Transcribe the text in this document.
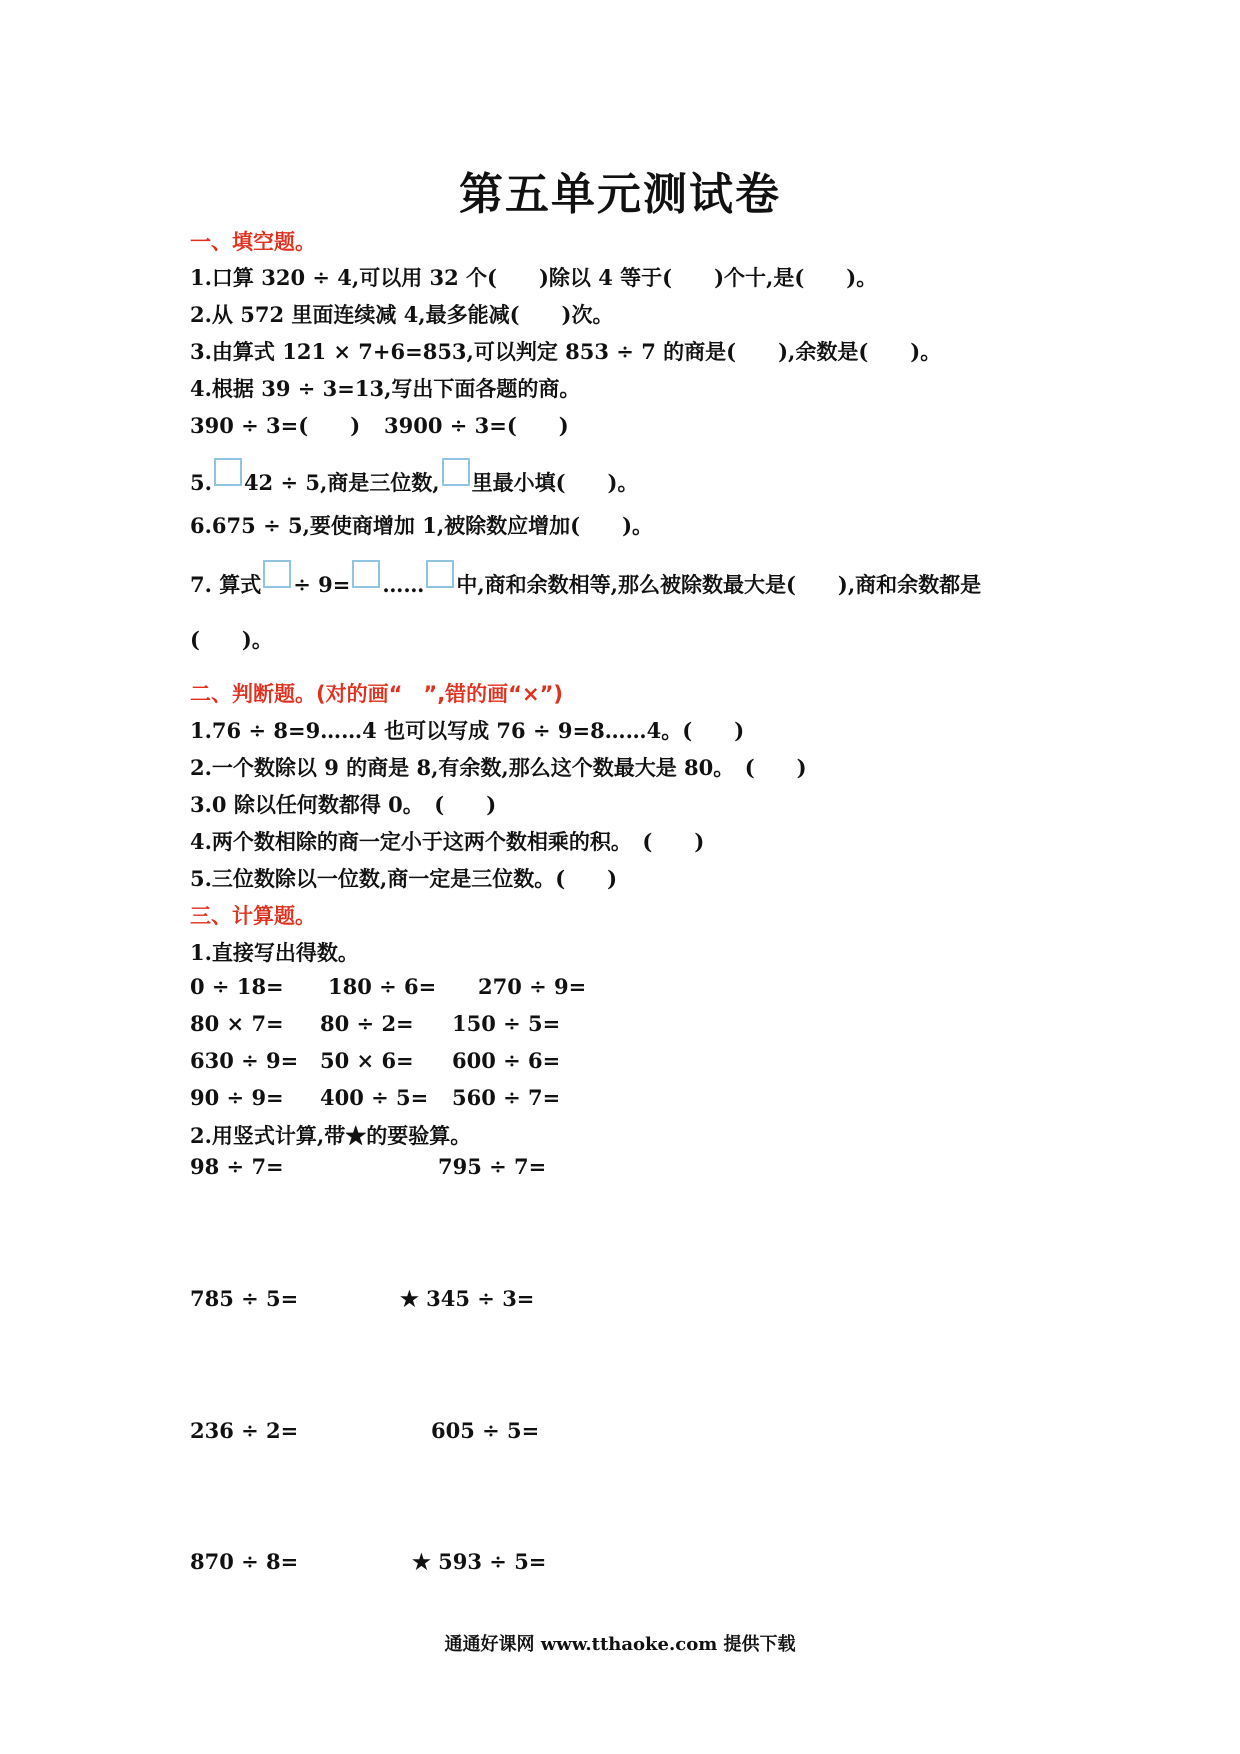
第五单元测试卷
一、填空题。
1.口算 320 ÷ 4,可以用 32 个(　　)除以 4 等于(　　)个十,是(　　)。
2.从 572 里面连续减 4,最多能减(　　)次。
3.由算式 121 × 7+6=853,可以判定 853 ÷ 7 的商是(　　),余数是(　　)。
4.根据 39 ÷ 3=13,写出下面各题的商。
390 ÷ 3=(　　) 3900 ÷ 3=(　　)
5. 42 ÷ 5,商是三位数, 里最小填(　　)。
6.675 ÷ 5,要使商增加 1,被除数应增加(　　)。
7. 算式 ÷ 9= …… 中,商和余数相等,那么被除数最大是(　　),商和余数都是
(　　)。
二、判断题。(对的画“　”,错的画“×”)
1.76 ÷ 8=9……4 也可以写成 76 ÷ 9=8……4。(　　)
2.一个数除以 9 的商是 8,有余数,那么这个数最大是 80。　(　　)
3.0 除以任何数都得 0。　(　　)
4.两个数相除的商一定小于这两个数相乘的积。　(　　)
5.三位数除以一位数,商一定是三位数。(　　)
三、计算题。
1.直接写出得数。
0 ÷ 18= 180 ÷ 6= 270 ÷ 9=
80 × 7= 80 ÷ 2= 150 ÷ 5=
630 ÷ 9= 50 × 6= 600 ÷ 6=
90 ÷ 9= 400 ÷ 5= 560 ÷ 7=
2.用竖式计算,带★的要验算。
98 ÷ 7=	795 ÷ 7=
785 ÷ 5=	★ 345 ÷ 3=
236 ÷ 2=	605 ÷ 5=
870 ÷ 8=	★ 593 ÷ 5=
通通好课网 www.tthaoke.com 提供下载
